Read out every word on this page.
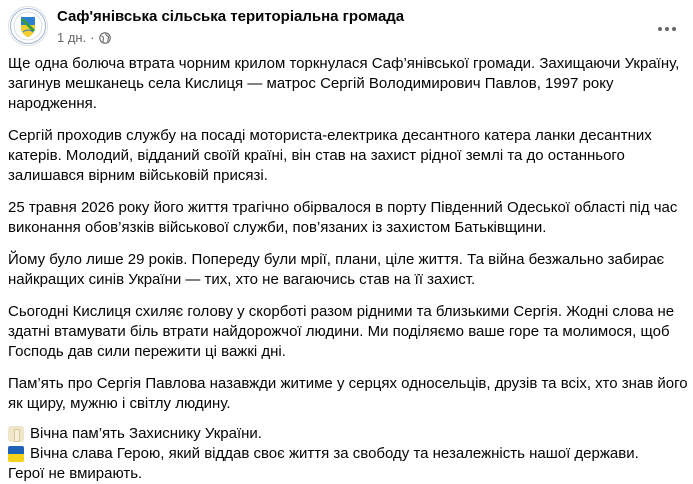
Саф'янівська сільська територіальна громада
1 дн. ·

Ще одна болюча втрата чорним крилом торкнулася Саф’янівської громади. Захищаючи Україну, загинув мешканець села Кислиця — матрос Сергій Володимирович Павлов, 1997 року народження.

Сергій проходив службу на посаді моториста-електрика десантного катера ланки десантних катерів. Молодий, відданий своїй країні, він став на захист рідної землі та до останнього залишався вірним військовій присязі.

25 травня 2026 року його життя трагічно обірвалося в порту Південний Одеської області під час виконання обов’язків військової служби, пов’язаних із захистом Батьківщини.

Йому було лише 29 років. Попереду були мрії, плани, ціле життя. Та війна безжально забирає найкращих синів України — тих, хто не вагаючись став на її захист.

Сьогодні Кислиця схиляє голову у скорботі разом рідними та близькими Сергія. Жодні слова не здатні втамувати біль втрати найдорожчої людини. Ми поділяємо ваше горе та молимося, щоб Господь дав сили пережити ці важкі дні.

Пам’ять про Сергія Павлова назавжди житиме у серцях односельців, друзів та всіх, хто знав його як щиру, мужню і світлу людину.

Вічна пам’ять Захиснику України.
Вічна слава Герою, який віддав своє життя за свободу та незалежність нашої держави.
Герої не вмирають.
